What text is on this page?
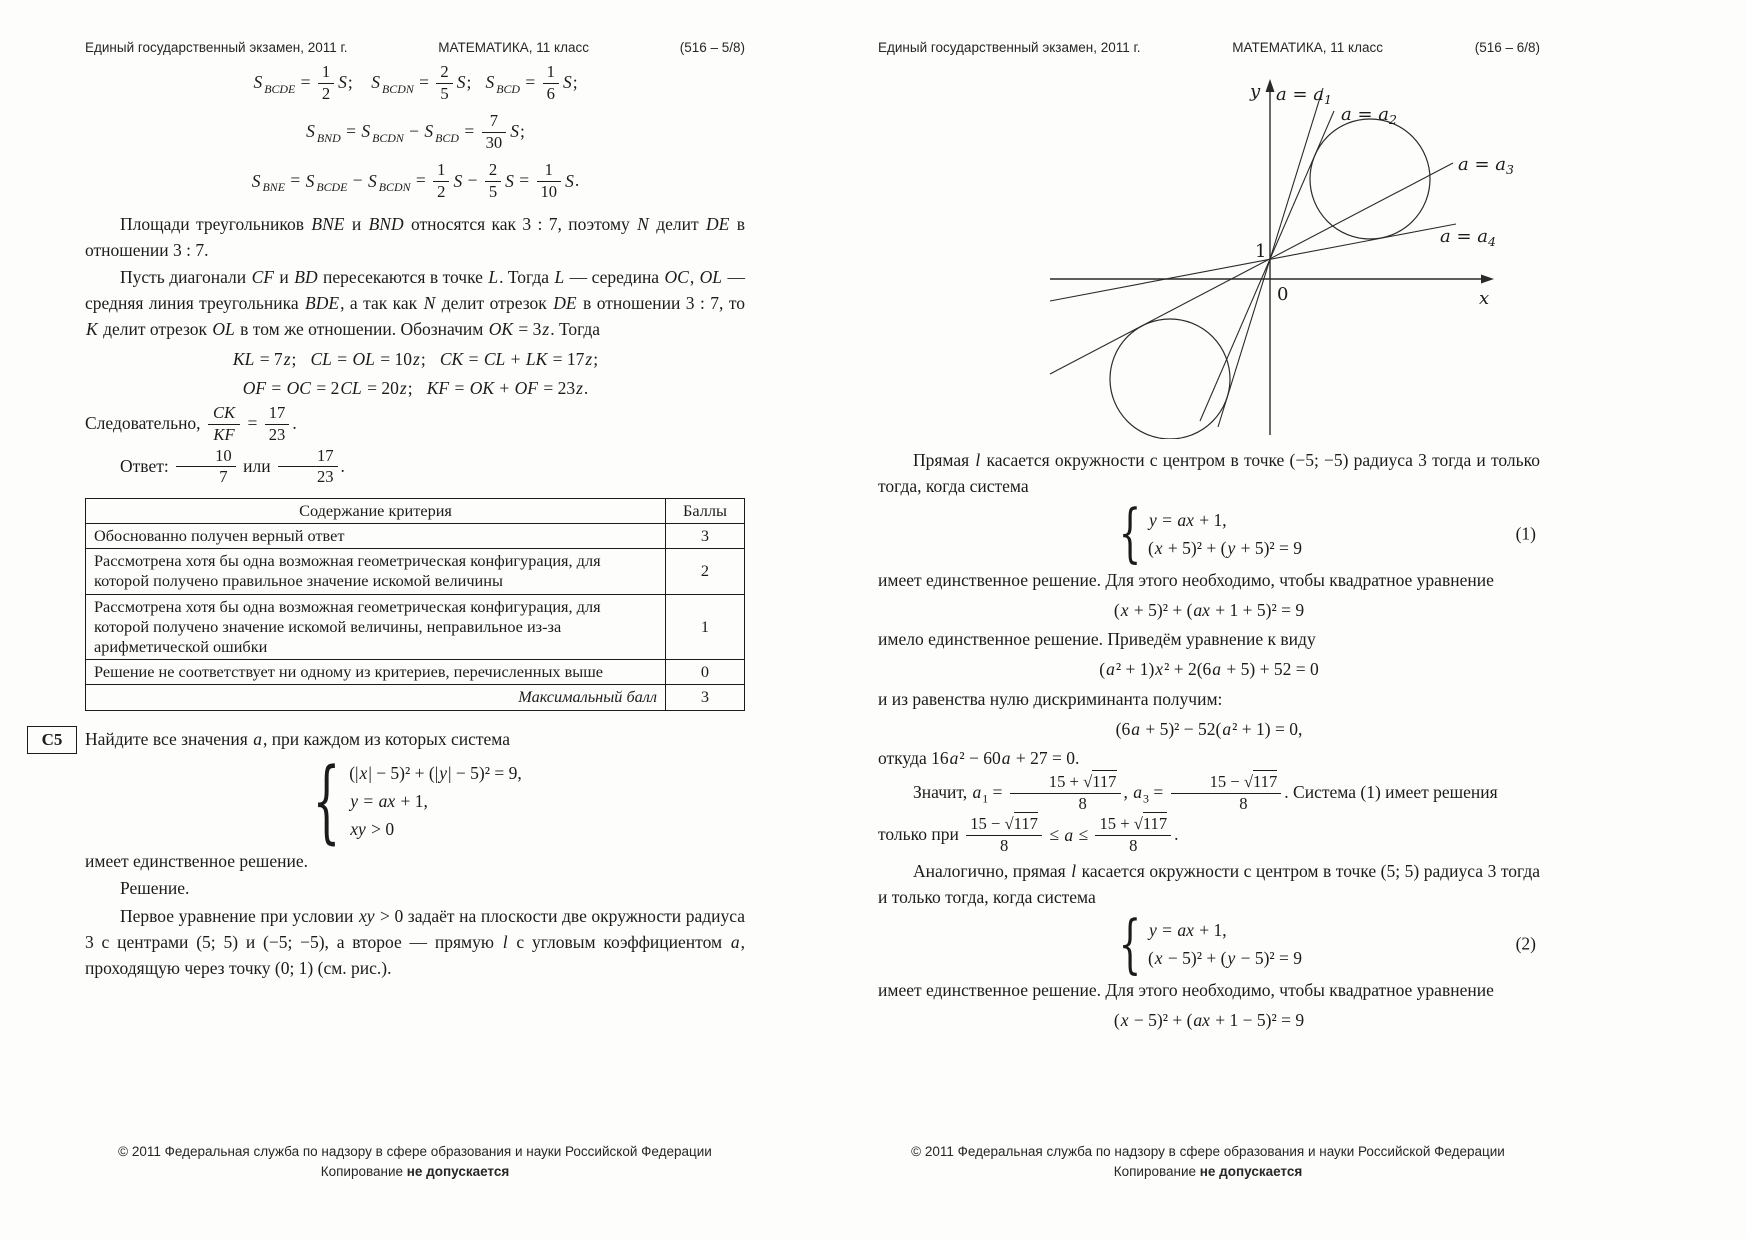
Единый государственный экзамен, 2011 г.	МАТЕМАТИКА, 11 класс	(516 – 5/8)
S $_{BCDE} = \frac{1}{2} S$; S $_{BCDN} = \frac{2}{5} S$;  S $_{BCD} = \frac{1}{6} S$;
S $_{BND}$ = S $_{BCDN}$ − S $_{BCD} = \frac{7}{30} S$;
S $_{BNE}$ = S $_{BCDE}$ − S $_{BCDN} = \frac{1}{2}$ $S - \frac{2}{5}$ $S = \frac{1}{10} S$.

Площади треугольников BNE и BND относятся как 3 : 7, поэтому N делит DE в отношении 3 : 7.

Пусть диагонали CF и BD пересекаются в точке L. Тогда L — середина OC, OL — средняя линия треугольника BDE, а так как N делит отрезок DE в отношении 3 : 7, то K делит отрезок OL в том же отношении. Обозначим OK = 3z. Тогда

KL = 7z;  CL = OL = 10z;  CK = CL + LK = 17z;
OF = OC = 2CL = 20z;  KF = OK + OF = 23z.

Следовательно, $\frac{CK}{KF} = \frac{17}{23}$ .

Ответ: $\frac{10}{7}$ или $\frac{17}{23}$ .

Содержание критерия	Баллы
Обоснованно получен верный ответ	3
Рассмотрена хотя бы одна возможная геометрическая конфигурация, для которой получено правильное значение искомой величины	2
Рассмотрена хотя бы одна возможная геометрическая конфигурация, для которой получено значение искомой величины, неправильное из-за арифметической ошибки	1
Решение не соответствует ни одному из критериев, перечисленных выше	0
Максимальный балл	3
С5 Найдите все значения a, при каждом из которых система

{
(|x| − 5)² + (|y| − 5)² = 9,
y = ax + 1,
xy > 0

имеет единственное решение.

Решение.

Первое уравнение при условии xy > 0 задаёт на плоскости две окружности радиуса 3 с центрами (5; 5) и (−5; −5), а второе — прямую l с угловым коэффициентом a, проходящую через точку (0; 1) (см. рис.).

© 2011 Федеральная служба по надзору в сфере образования и науки Российской Федерации
Копирование не допускается
Единый государственный экзамен, 2011 г.	МАТЕМАТИКА, 11 класс	(516 – 6/8)
y
x
0
1
$a = a_1$
$a = a_2$
$a = a_3$
$a = a_4$

Прямая l касается окружности с центром в точке (−5; −5) радиуса 3 тогда и только тогда, когда система

{
y = ax + 1,
(x + 5)² + (y + 5)² = 9
(1)

имеет единственное решение. Для этого необходимо, чтобы квадратное уравнение

(x + 5)² + (ax + 1 + 5)² = 9

имело единственное решение. Приведём уравнение к виду

(a² + 1)x² + 2(6a + 5) + 52 = 0

и из равенства нулю дискриминанта получим:

(6a + 5)² − 52(a² + 1) = 0,

откуда 16a² − 60a + 27 = 0.

Значит, $a_1 = \frac{15 + √117}{8}$ , $a_3 = \frac{15 - √117}{8}$ . Система (1) имеет решения

только при $\frac{15 - √117}{8} \le a \le \frac{15 + √117}{8}$ .

Аналогично, прямая l касается окружности с центром в точке (5; 5) радиуса 3 тогда и только тогда, когда система

{
y = ax + 1,
(x − 5)² + (y − 5)² = 9
(2)

имеет единственное решение. Для этого необходимо, чтобы квадратное уравнение

(x − 5)² + (ax + 1 − 5)² = 9
© 2011 Федеральная служба по надзору в сфере образования и науки Российской Федерации
Копирование не допускается
